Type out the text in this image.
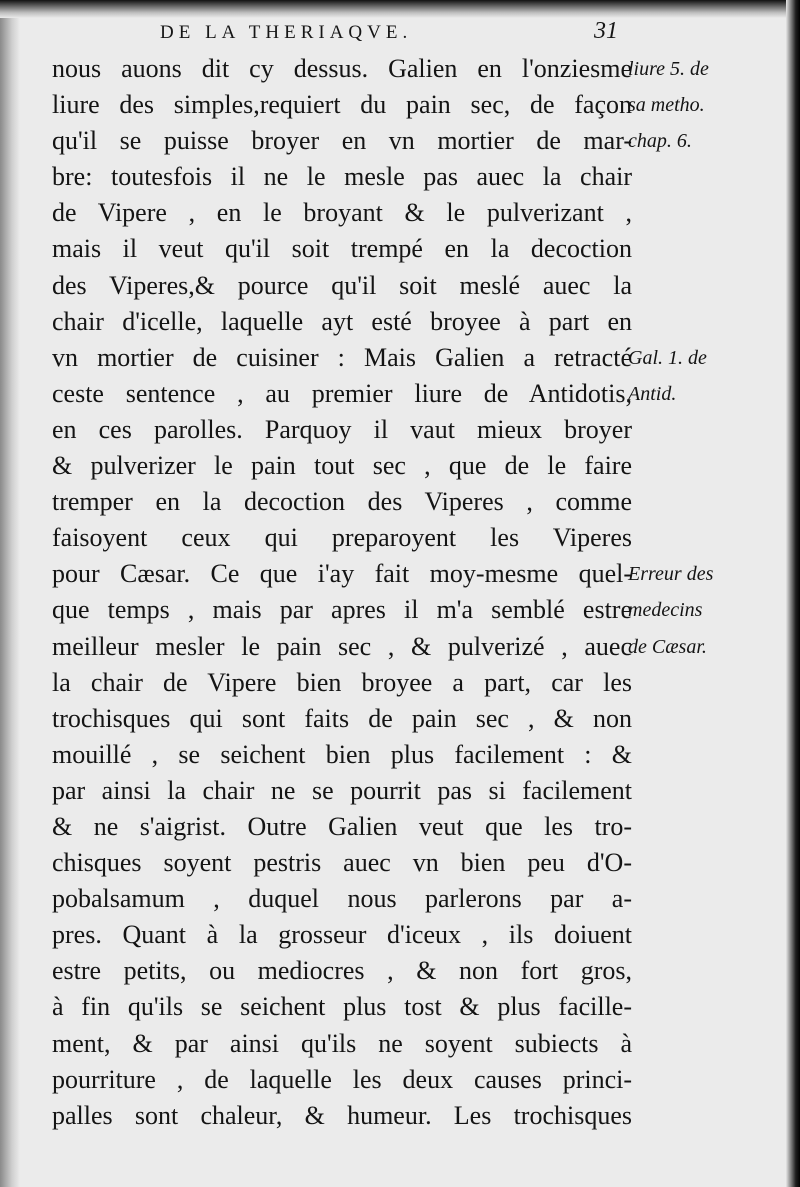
DE LA THERIAQVE.	31
nous auons dit cy dessus. Galien en l'onziesme
liure des simples,requiert du pain sec, de façon
qu'il se puisse broyer en vn mortier de mar-
bre: toutesfois il ne le mesle pas auec la chair
de Vipere , en le broyant & le pulverizant ,
mais il veut qu'il soit trempé en la decoction
des Viperes,& pource qu'il soit meslé auec la
chair d'icelle, laquelle ayt esté broyee à part en
vn mortier de cuisiner : Mais Galien a retracté
ceste sentence , au premier liure de Antidotis,
en ces parolles. Parquoy il vaut mieux broyer
& pulverizer le pain tout sec , que de le faire
tremper en la decoction des Viperes , comme
faisoyent ceux qui preparoyent les Viperes
pour Cæsar. Ce que i'ay fait moy-mesme quel-
que temps , mais par apres il m'a semblé estre
meilleur mesler le pain sec , & pulverizé , auec
la chair de Vipere bien broyee a part, car les
trochisques qui sont faits de pain sec , & non
mouillé , se seichent bien plus facilement : &
par ainsi la chair ne se pourrit pas si facilement
& ne s'aigrist. Outre Galien veut que les tro-
chisques soyent pestris auec vn bien peu d'O-
pobalsamum , duquel nous parlerons par a-
pres. Quant à la grosseur d'iceux , ils doiuent
estre petits, ou mediocres , & non fort gros,
à fin qu'ils se seichent plus tost & plus facille-
ment, & par ainsi qu'ils ne soyent subiects à
pourriture , de laquelle les deux causes princi-
palles sont chaleur, & humeur. Les trochisques
liure 5. de
sa metho.
chap. 6.
Gal. 1. de
Antid.
Erreur des
medecins
de Cæsar.
